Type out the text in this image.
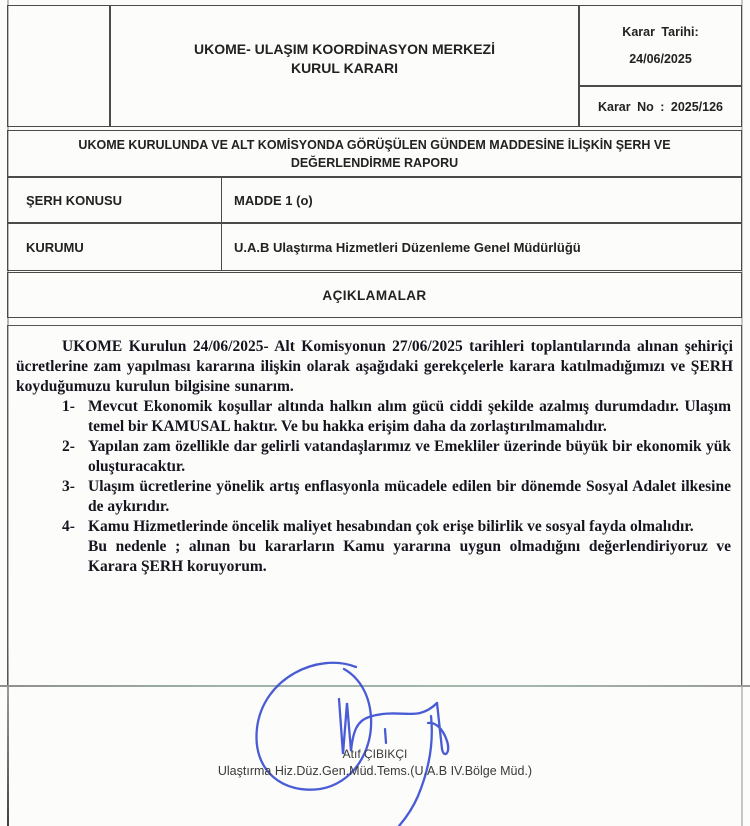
UKOME- ULAŞIM KOORDİNASYON MERKEZİ
KURUL KARARI
Karar Tarihi:
24/06/2025
Karar No : 2025/126
UKOME KURULUNDA VE ALT KOMİSYONDA GÖRÜŞÜLEN GÜNDEM MADDESİNE İLİŞKİN ŞERH VE
DEĞERLENDİRME RAPORU
ŞERH KONUSU	MADDE 1 (o)
KURUMU	U.A.B Ulaştırma Hizmetleri Düzenleme Genel Müdürlüğü
AÇIKLAMALAR
UKOME Kurulun 24/06/2025- Alt Komisyonun 27/06/2025 tarihleri toplantılarında alınan şehiriçi ücretlerine zam yapılması kararına ilişkin olarak aşağıdaki gerekçelerle karara katılmadığımızı ve ŞERH koyduğumuzu kurulun bilgisine sunarım.
1- Mevcut Ekonomik koşullar altında halkın alım gücü ciddi şekilde azalmış durumdadır. Ulaşım temel bir KAMUSAL haktır. Ve bu hakka erişim daha da zorlaştırılmamalıdır.
2- Yapılan zam özellikle dar gelirli vatandaşlarımız ve Emekliler üzerinde büyük bir ekonomik yük oluşturacaktır.
3- Ulaşım ücretlerine yönelik artış enflasyonla mücadele edilen bir dönemde Sosyal Adalet ilkesine de aykırıdır.
4- Kamu Hizmetlerinde öncelik maliyet hesabından çok erişe bilirlik ve sosyal fayda olmalıdır.
Bu nedenle ; alınan bu kararların Kamu yararına uygun olmadığını değerlendiriyoruz ve Karara ŞERH koruyorum.
Atıf ÇIBIKÇI
Ulaştırma Hiz.Düz.Gen.Müd.Tems.(U.A.B IV.Bölge Müd.)
